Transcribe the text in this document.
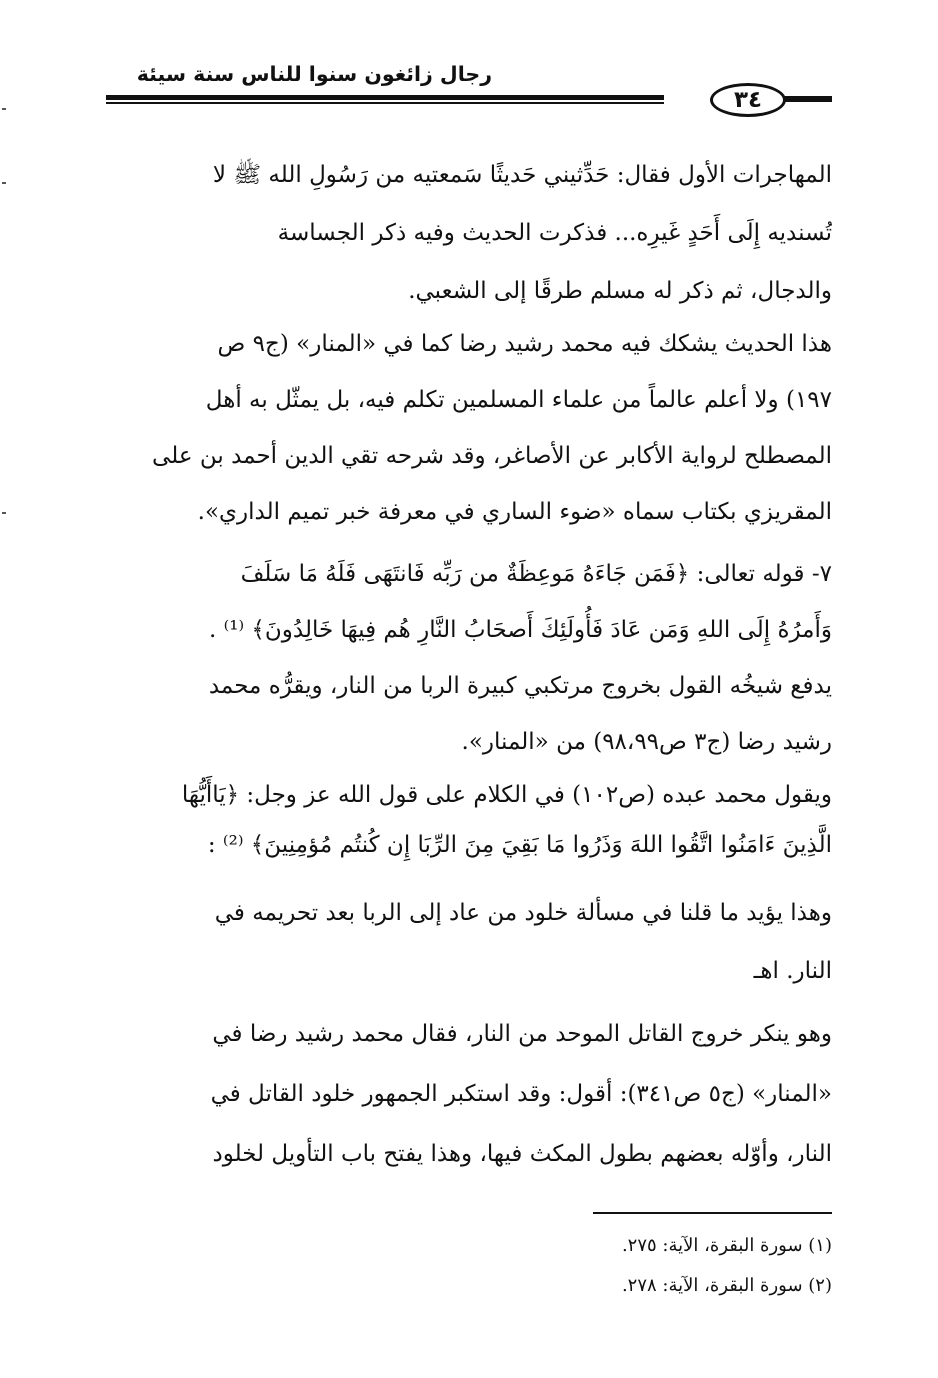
رجال زائغون سنوا للناس سنة سيئة
٣٤
المهاجرات الأول فقال: حَدِّثيني حَديثًا سَمعتيه من رَسُولِ الله ﷺ لا
تُسنديه إِلَى أَحَدٍ غَيرِه... فذكرت الحديث وفيه ذكر الجساسة
والدجال، ثم ذكر له مسلم طرقًا إلى الشعبي.
هذا الحديث يشكك فيه محمد رشيد رضا كما في «المنار» (ج٩ ص
١٩٧) ولا أعلم عالماً من علماء المسلمين تكلم فيه، بل يمثّل به أهل
المصطلح لرواية الأكابر عن الأصاغر، وقد شرحه تقي الدين أحمد بن على
المقريزي بكتاب سماه «ضوء الساري في معرفة خبر تميم الداري».
٧- قوله تعالى: ﴿فَمَن جَاءَهُ مَوعِظَةٌ من رَبِّه فَانتَهَى فَلَهُ مَا سَلَفَ
وَأَمرُهُ إِلَى اللهِ وَمَن عَادَ فَأُولَئِكَ أَصحَابُ النَّارِ هُم فِيهَا خَالِدُونَ﴾ ⁽¹⁾ .
يدفع شيخُه القول بخروج مرتكبي كبيرة الربا من النار، ويقرُّه محمد
رشيد رضا (ج٣ ص٩٨،٩٩) من «المنار».
ويقول محمد عبده (ص١٠٢) في الكلام على قول الله عز وجل: ﴿يَاأَيُّهَا
الَّذِينَ ءَامَنُوا اتَّقُوا اللهَ وَذَرُوا مَا بَقِيَ مِنَ الرِّبَا إِن كُنتُم مُؤمِنِينَ﴾ ⁽²⁾ :
وهذا يؤيد ما قلنا في مسألة خلود من عاد إلى الربا بعد تحريمه في
النار. اهـ
وهو ينكر خروج القاتل الموحد من النار، فقال محمد رشيد رضا في
«المنار» (ج٥ ص٣٤١): أقول: وقد استكبر الجمهور خلود القاتل في
النار، وأوّله بعضهم بطول المكث فيها، وهذا يفتح باب التأويل لخلود
(١) سورة البقرة، الآية: ٢٧٥.
(٢) سورة البقرة، الآية: ٢٧٨.
